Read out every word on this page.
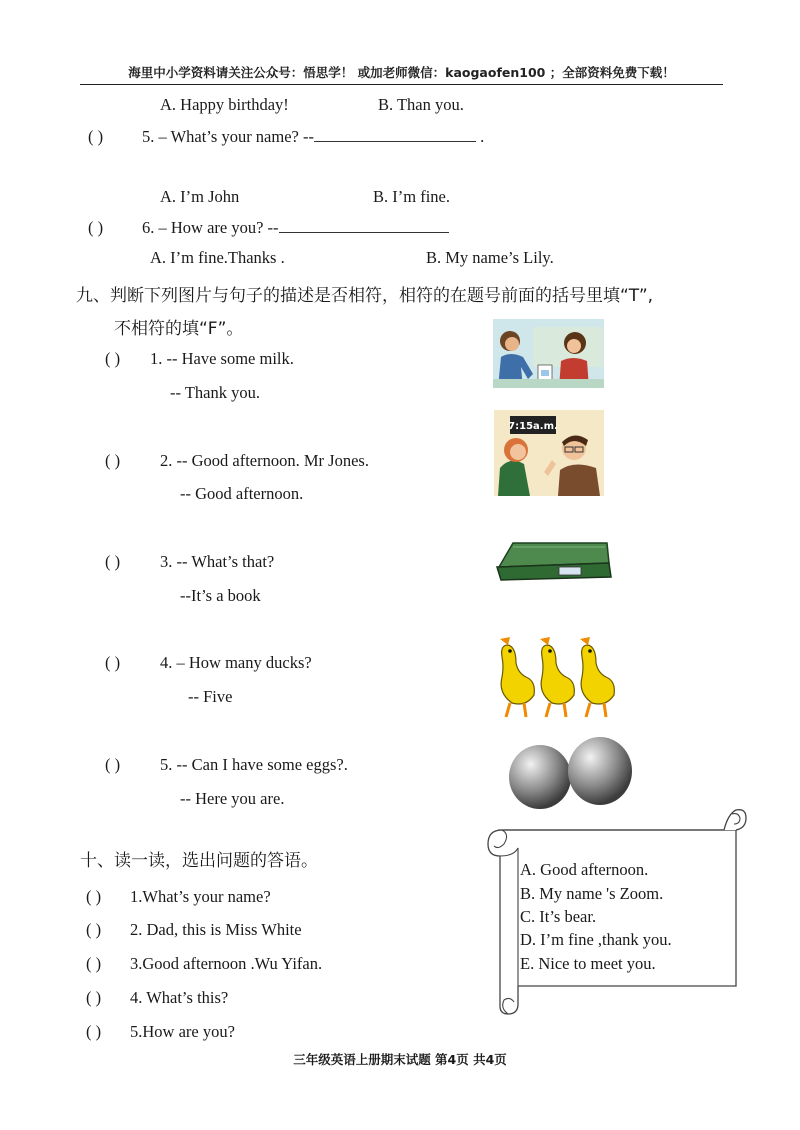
海里中小学资料请关注公众号：悟思学！ 或加老师微信：kaogaofen100 ；全部资料免费下载！
A. Happy birthday!	B. Than you.
( ) 5. – What’s your name? --	.
A. I’m John	B. I’m fine.
( ) 6. – How are you? --
A. I’m fine.Thanks .	B. My name’s Lily.
九、判断下列图片与句子的描述是否相符，相符的在题号前面的括号里填“T”,
不相符的填“F”。
( ) 1. -- Have some milk.
-- Thank you.
( ) 2. -- Good afternoon. Mr Jones.
-- Good afternoon.
( ) 3. -- What’s that?
--It’s a book
( ) 4. – How many ducks?
-- Five
( ) 5. -- Can I have some eggs?.
-- Here you are.
7:15a.m.
十、读一读，选出问题的答语。
( ) 1.What’s your name?
( ) 2. Dad, this is Miss White
( ) 3.Good afternoon .Wu Yifan.
( ) 4. What’s this?
( ) 5.How are you?
A. Good afternoon.
B. My name 's Zoom.
C. It’s bear.
D. I’m fine ,thank you.
E. Nice to meet you.
三年级英语上册期末试题 第4页 共4页
